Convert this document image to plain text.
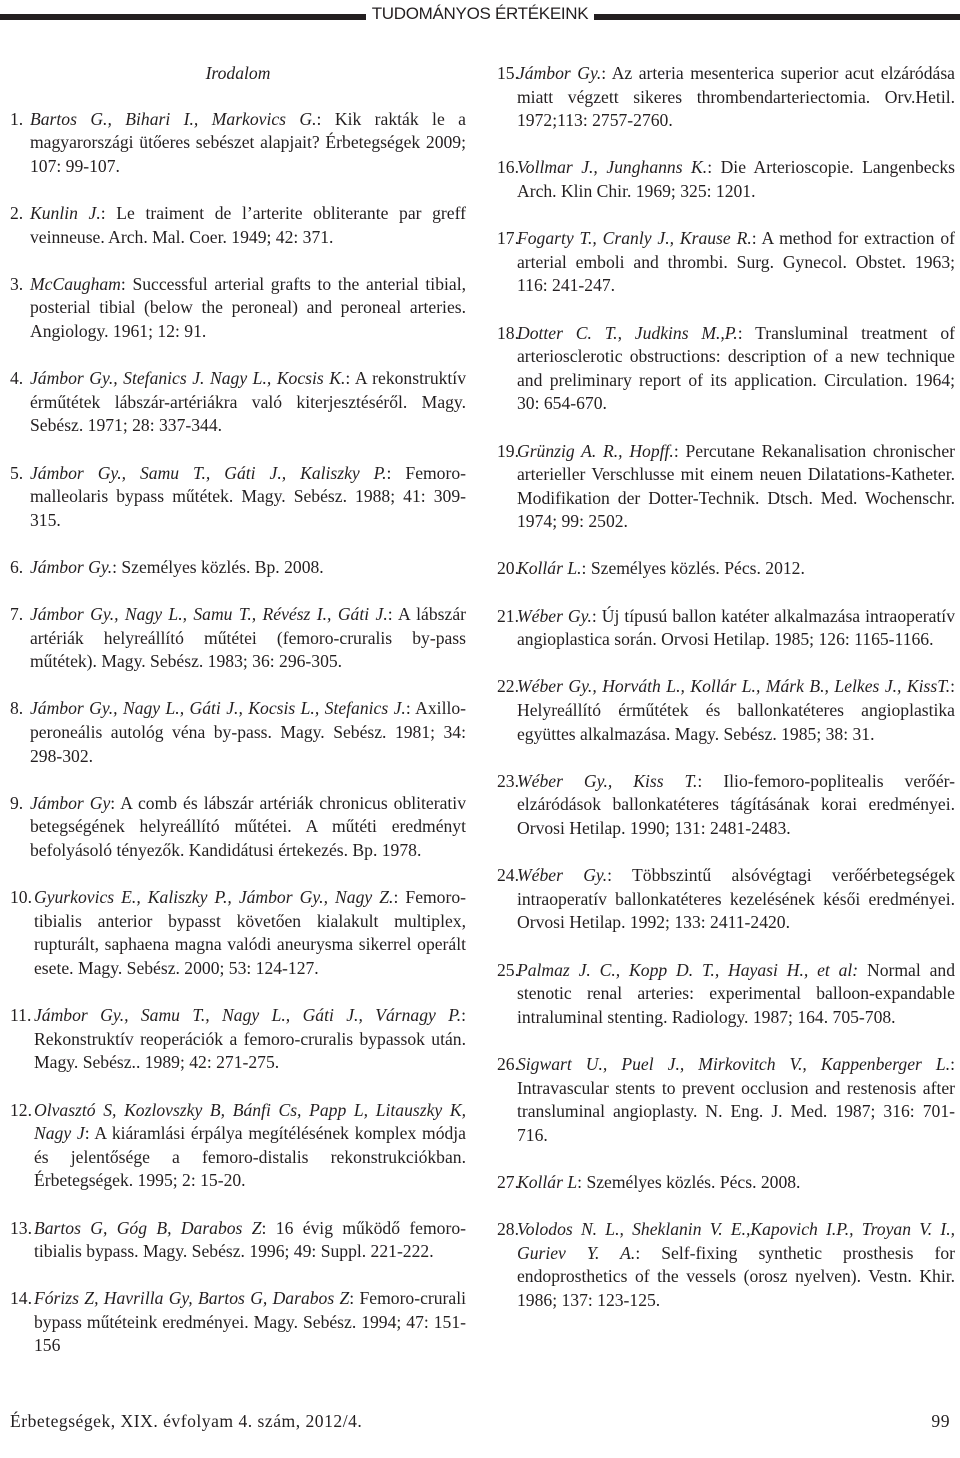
TUDOMÁNYOS ÉRTÉKEINK
Irodalom
1. Bartos G., Bihari I., Markovics G.: Kik rakták le a magyarországi ütőeres sebészet alapjait? Érbetegségek 2009; 107: 99-107.
2. Kunlin J.: Le traiment de l’arterite obliterante par greff veinneuse. Arch. Mal. Coer. 1949; 42: 371.
3. McCaugham: Successful arterial grafts to the anterial tibial, posterial tibial (below the peroneal) and peroneal arteries. Angiology. 1961; 12: 91.
4. Jámbor Gy., Stefanics J. Nagy L., Kocsis K.: A rekonstruktív érműtétek lábszár-artériákra való kiterjesztéséről. Magy. Sebész. 1971; 28: 337-344.
5. Jámbor Gy., Samu T., Gáti J., Kaliszky P.: Femoro-malleolaris bypass műtétek. Magy. Sebész. 1988; 41: 309-315.
6. Jámbor Gy.: Személyes közlés. Bp. 2008.
7. Jámbor Gy., Nagy L., Samu T., Révész I., Gáti J.: A lábszár artériák helyreállító műtétei (femoro-cruralis by-pass műtétek). Magy. Sebész. 1983; 36: 296-305.
8. Jámbor Gy., Nagy L., Gáti J., Kocsis L., Stefanics J.: Axillo-peroneális autológ véna by-pass. Magy. Sebész. 1981; 34: 298-302.
9. Jámbor Gy: A comb és lábszár artériák chronicus obliterativ betegségének helyreállító műtétei. A műtéti eredményt befolyásoló tényezők. Kandidátusi értekezés. Bp. 1978.
10.
Gyurkovics E., Kaliszky P., Jámbor Gy., Nagy Z.: Femoro-tibialis anterior bypasst követően kialakult multiplex, rupturált, saphaena magna valódi aneurysma sikerrel operált esete. Magy. Sebész. 2000; 53: 124-127.
11.
Jámbor Gy., Samu T., Nagy L., Gáti J., Várnagy P.: Rekonstruktív reoperációk a femoro-cruralis bypassok után. Magy. Sebész.. 1989; 42: 271-275.
12.
Olvasztó S, Kozlovszky B, Bánfi Cs, Papp L, Litauszky K, Nagy J: A kiáramlási érpálya megítélésének komplex módja és jelentősége a femoro-distalis rekonstrukciókban. Érbetegségek. 1995; 2: 15-20.
13.
Bartos G, Góg B, Darabos Z: 16 évig működő femoro-tibialis bypass. Magy. Sebész. 1996; 49: Suppl. 221-222.
14.
Fórizs Z, Havrilla Gy, Bartos G, Darabos Z: Femoro-crurali bypass műtéteink eredményei. Magy. Sebész. 1994; 47: 151-156
15.
Jámbor Gy.: Az arteria mesenterica superior acut elzáródása miatt végzett sikeres thrombendarteriectomia. Orv.Hetil. 1972;113: 2757-2760.
16.
Vollmar J., Junghanns K.: Die Arterioscopie. Langenbecks Arch. Klin Chir. 1969; 325: 1201.
17.
Fogarty T., Cranly J., Krause R.: A method for extraction of arterial emboli and thrombi. Surg. Gynecol. Obstet. 1963; 116: 241-247.
18.
Dotter C. T., Judkins M.,P.: Transluminal treatment of arteriosclerotic obstructions: description of a new technique and preliminary report of its application. Circulation. 1964; 30: 654-670.
19.
Grünzig A. R., Hopff.: Percutane Rekanalisation chronischer arterieller Verschlusse mit einem neuen Dilatations-Katheter. Modifikation der Dotter-Technik. Dtsch. Med. Wochenschr. 1974; 99: 2502.
20.
Kollár L.: Személyes közlés. Pécs. 2012.
21.
Wéber Gy.: Új típusú ballon katéter alkalmazása intraoperatív angioplastica során. Orvosi Hetilap. 1985; 126: 1165-1166.
22.
Wéber Gy., Horváth L., Kollár L., Márk B., Lelkes J., KissT.: Helyreállító érműtétek és ballonkatéteres angioplastika együttes alkalmazása. Magy. Sebész. 1985; 38: 31.
23.
Wéber Gy., Kiss T.: Ilio-femoro-poplitealis verőér-elzáródások ballonkatéteres tágításának korai eredményei. Orvosi Hetilap. 1990; 131: 2481-2483.
24.
Wéber Gy.: Többszintű alsóvégtagi verőérbetegségek intraoperatív ballonkatéteres kezelésének késői eredményei. Orvosi Hetilap. 1992; 133: 2411-2420.
25.
Palmaz J. C., Kopp D. T., Hayasi H., et al: Normal and stenotic renal arteries: experimental balloon-expandable intraluminal stenting. Radiology. 1987; 164. 705-708.
26.
Sigwart U., Puel J., Mirkovitch V., Kappenberger L.: Intravascular stents to prevent occlusion and restenosis after transluminal angioplasty. N. Eng. J. Med. 1987; 316: 701-716.
27.
Kollár L: Személyes közlés. Pécs. 2008.
28.
Volodos N. L., Sheklanin V. E.,Kapovich I.P., Troyan V. I., Guriev Y. A.: Self-fixing synthetic prosthesis for endoprosthetics of the vessels (orosz nyelven). Vestn. Khir. 1986; 137: 123-125.
Érbetegségek, XIX. évfolyam 4. szám, 2012/4.	99
